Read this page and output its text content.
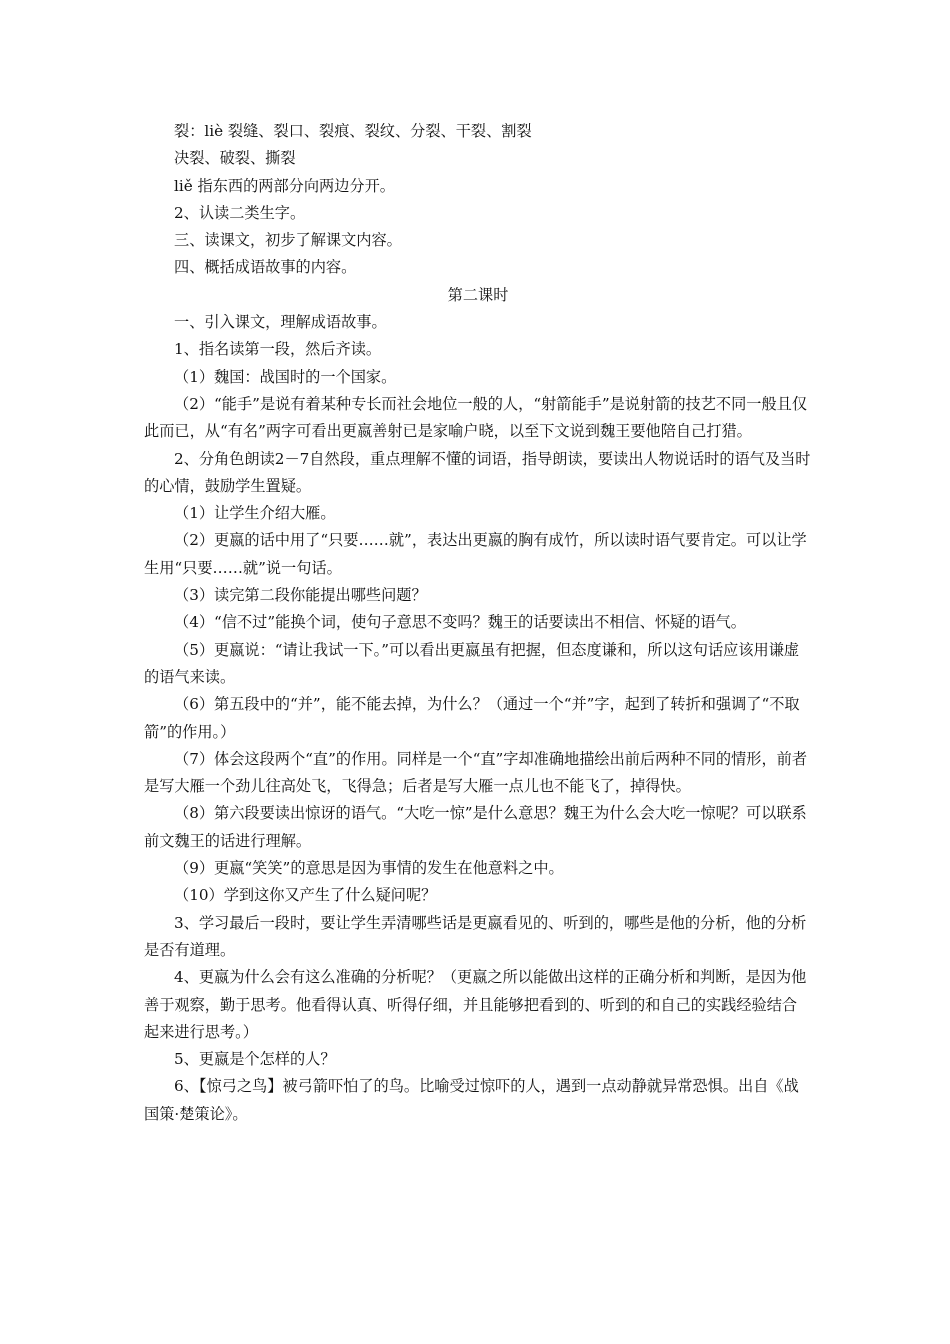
裂：liè 裂缝、裂口、裂痕、裂纹、分裂、干裂、割裂

决裂、破裂、撕裂

liě 指东西的两部分向两边分开。

2、认读二类生字。

三、读课文，初步了解课文内容。

四、概括成语故事的内容。

第二课时

一、引入课文，理解成语故事。

1、指名读第一段，然后齐读。

（1）魏国：战国时的一个国家。

（2）“能手”是说有着某种专长而社会地位一般的人，“射箭能手”是说射箭的技艺不同一般且仅此而已，从“有名”两字可看出更嬴善射已是家喻户晓，以至下文说到魏王要他陪自己打猎。

2、分角色朗读2－7自然段，重点理解不懂的词语，指导朗读，要读出人物说话时的语气及当时的心情，鼓励学生置疑。

（1）让学生介绍大雁。

（2）更嬴的话中用了“只要……就”，表达出更嬴的胸有成竹，所以读时语气要肯定。可以让学生用“只要……就”说一句话。

（3）读完第二段你能提出哪些问题？

（4）“信不过”能换个词，使句子意思不变吗？魏王的话要读出不相信、怀疑的语气。

（5）更嬴说：“请让我试一下。”可以看出更嬴虽有把握，但态度谦和，所以这句话应该用谦虚的语气来读。

（6）第五段中的“并”，能不能去掉，为什么？（通过一个“并”字，起到了转折和强调了“不取箭”的作用。）

（7）体会这段两个“直”的作用。同样是一个“直”字却准确地描绘出前后两种不同的情形，前者是写大雁一个劲儿往高处飞，飞得急；后者是写大雁一点儿也不能飞了，掉得快。

（8）第六段要读出惊讶的语气。“大吃一惊”是什么意思？魏王为什么会大吃一惊呢？可以联系前文魏王的话进行理解。

（9）更嬴“笑笑”的意思是因为事情的发生在他意料之中。

（10）学到这你又产生了什么疑问呢？

3、学习最后一段时，要让学生弄清哪些话是更嬴看见的、听到的，哪些是他的分析，他的分析是否有道理。

4、更嬴为什么会有这么准确的分析呢？（更嬴之所以能做出这样的正确分析和判断，是因为他善于观察，勤于思考。他看得认真、听得仔细，并且能够把看到的、听到的和自己的实践经验结合起来进行思考。）

5、更嬴是个怎样的人？

6、【惊弓之鸟】被弓箭吓怕了的鸟。比喻受过惊吓的人，遇到一点动静就异常恐惧。出自《战国策·楚策论》。
